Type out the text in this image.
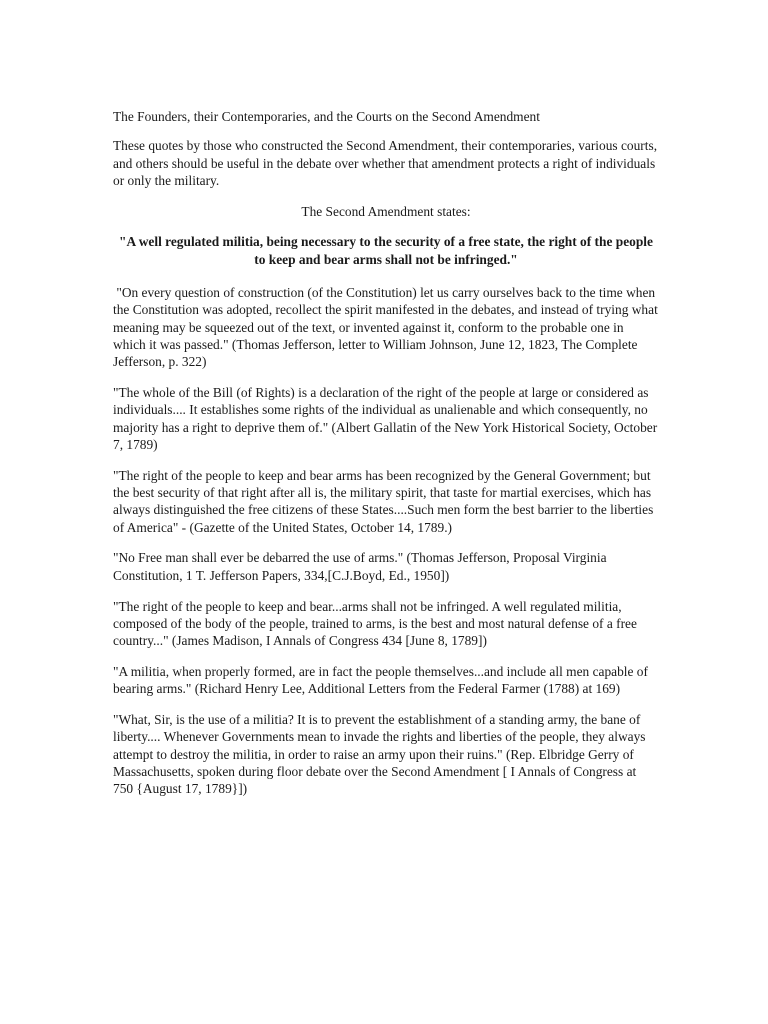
The Founders, their Contemporaries, and the Courts on the Second Amendment

These quotes by those who constructed the Second Amendment, their contemporaries, various courts, and others should be useful in the debate over whether that amendment protects a right of individuals or only the military.

The Second Amendment states:

"A well regulated militia, being necessary to the security of a free state, the right of the people to keep and bear arms shall not be infringed."

"On every question of construction (of the Constitution) let us carry ourselves back to the time when the Constitution was adopted, recollect the spirit manifested in the debates, and instead of trying what meaning may be squeezed out of the text, or invented against it, conform to the probable one in which it was passed." (Thomas Jefferson, letter to William Johnson, June 12, 1823, The Complete Jefferson, p. 322)

"The whole of the Bill (of Rights) is a declaration of the right of the people at large or considered as individuals.... It establishes some rights of the individual as unalienable and which consequently, no majority has a right to deprive them of." (Albert Gallatin of the New York Historical Society, October 7, 1789)

"The right of the people to keep and bear arms has been recognized by the General Government; but the best security of that right after all is, the military spirit, that taste for martial exercises, which has always distinguished the free citizens of these States....Such men form the best barrier to the liberties of America" - (Gazette of the United States, October 14, 1789.)

"No Free man shall ever be debarred the use of arms." (Thomas Jefferson, Proposal Virginia Constitution, 1 T. Jefferson Papers, 334,[C.J.Boyd, Ed., 1950])

"The right of the people to keep and bear...arms shall not be infringed. A well regulated militia, composed of the body of the people, trained to arms, is the best and most natural defense of a free country..." (James Madison, I Annals of Congress 434 [June 8, 1789])

"A militia, when properly formed, are in fact the people themselves...and include all men capable of bearing arms." (Richard Henry Lee, Additional Letters from the Federal Farmer (1788) at 169)

"What, Sir, is the use of a militia? It is to prevent the establishment of a standing army, the bane of liberty.... Whenever Governments mean to invade the rights and liberties of the people, they always attempt to destroy the militia, in order to raise an army upon their ruins." (Rep. Elbridge Gerry of Massachusetts, spoken during floor debate over the Second Amendment [ I Annals of Congress at 750 {August 17, 1789}])
